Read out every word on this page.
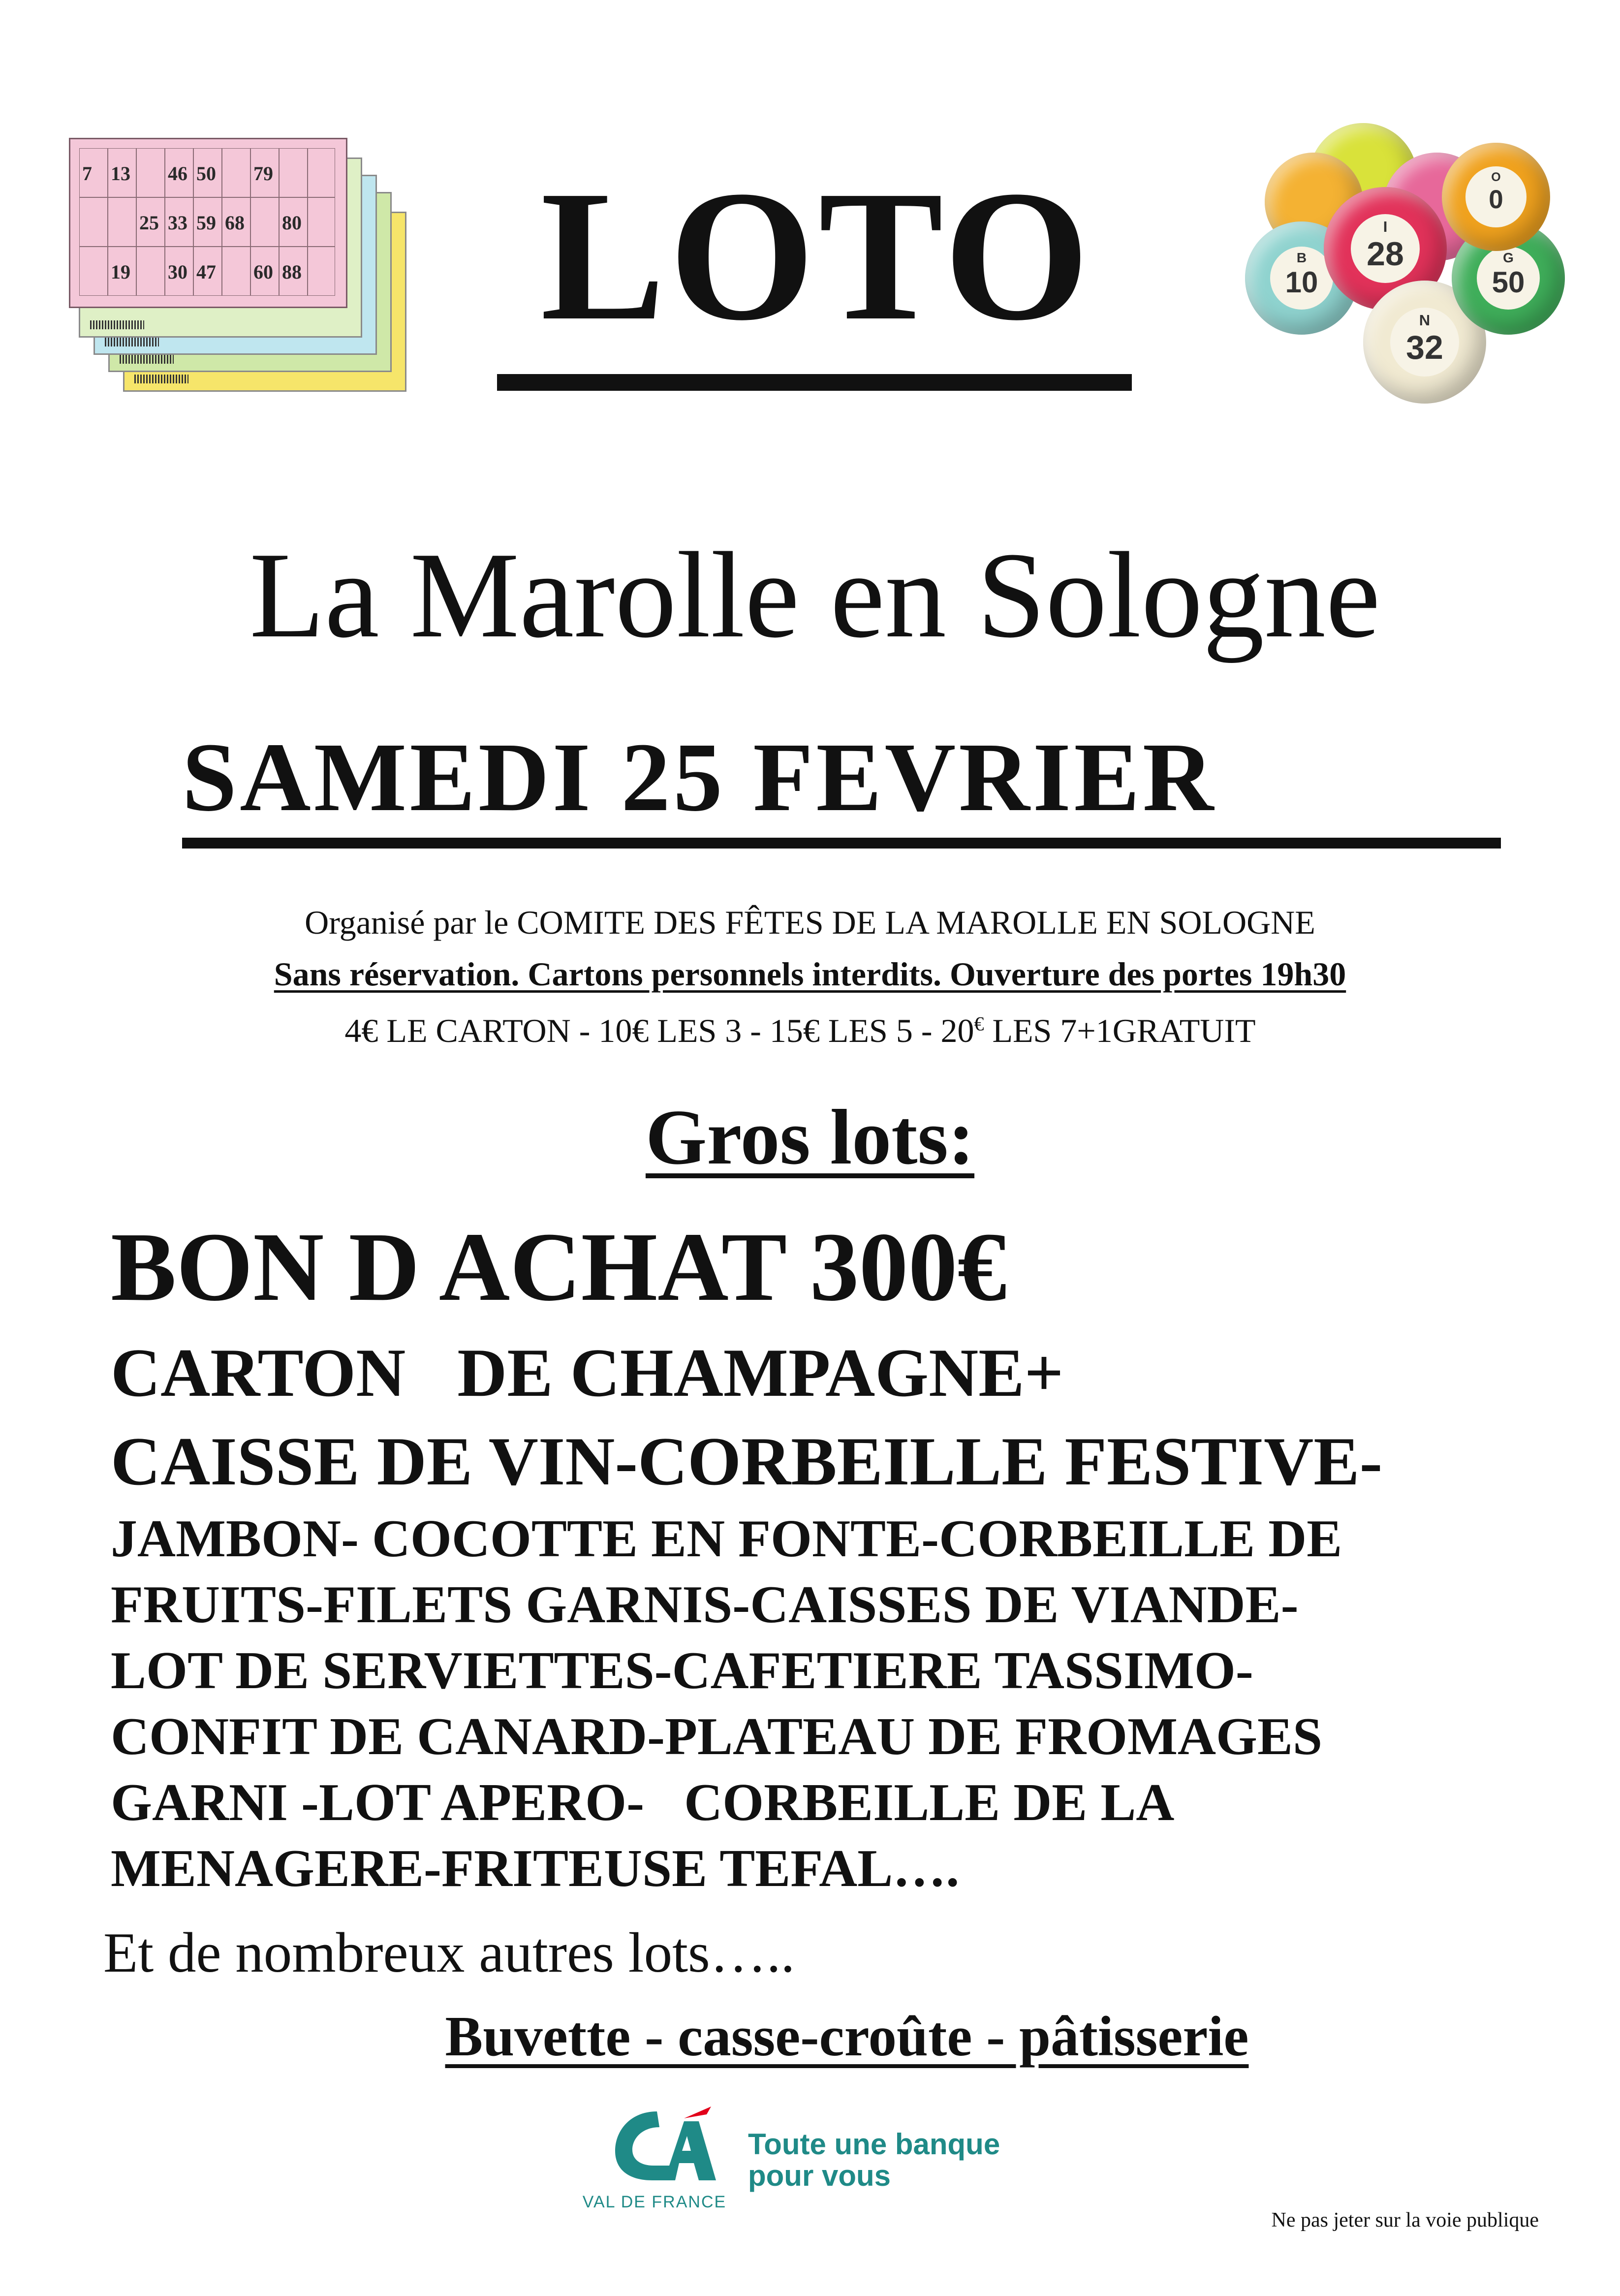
7 13 46 50 79
25 33 59 68 80
19 30 47 60 88 LOTO	B
10
I
28
N
32
G
50
O
0
La Marolle en Sologne
SAMEDI 25 FEVRIER
Organisé par le COMITE DES FÊTES DE LA MAROLLE EN SOLOGNE
Sans réservation. Cartons personnels interdits. Ouverture des portes 19h30
4€ LE CARTON - 10€ LES 3 - 15€ LES 5 - 20€ LES 7+1GRATUIT
Gros lots:
BON D ACHAT 300€
CARTON   DE CHAMPAGNE+
CAISSE DE VIN-CORBEILLE FESTIVE-
JAMBON- COCOTTE EN FONTE-CORBEILLE DE
FRUITS-FILETS GARNIS-CAISSES DE VIANDE-
LOT DE SERVIETTES-CAFETIERE TASSIMO-
CONFIT DE CANARD-PLATEAU DE FROMAGES
GARNI -LOT APERO-   CORBEILLE DE LA
MENAGERE-FRITEUSE TEFAL….
Et de nombreux autres lots…..
Buvette - casse-croûte - pâtisserie
VAL DE FRANCE
Toute une banque
pour vous
Ne pas jeter sur la voie publique
